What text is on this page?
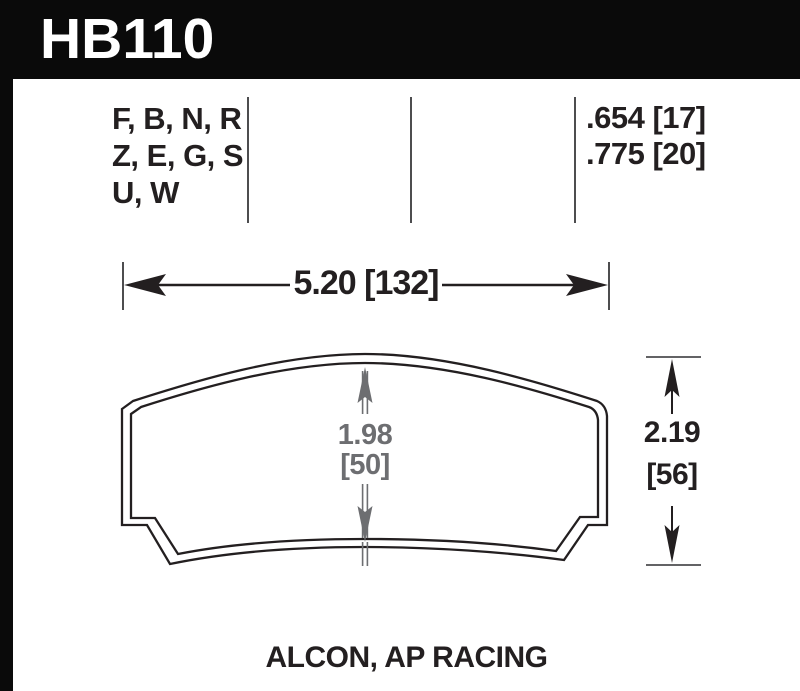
HB110
F, B, N, R
Z, E, G, S
U, W
.654 [17]
.775 [20]
5.20 [132]
1.98
[50]
2.19
[56]
ALCON, AP RACING
